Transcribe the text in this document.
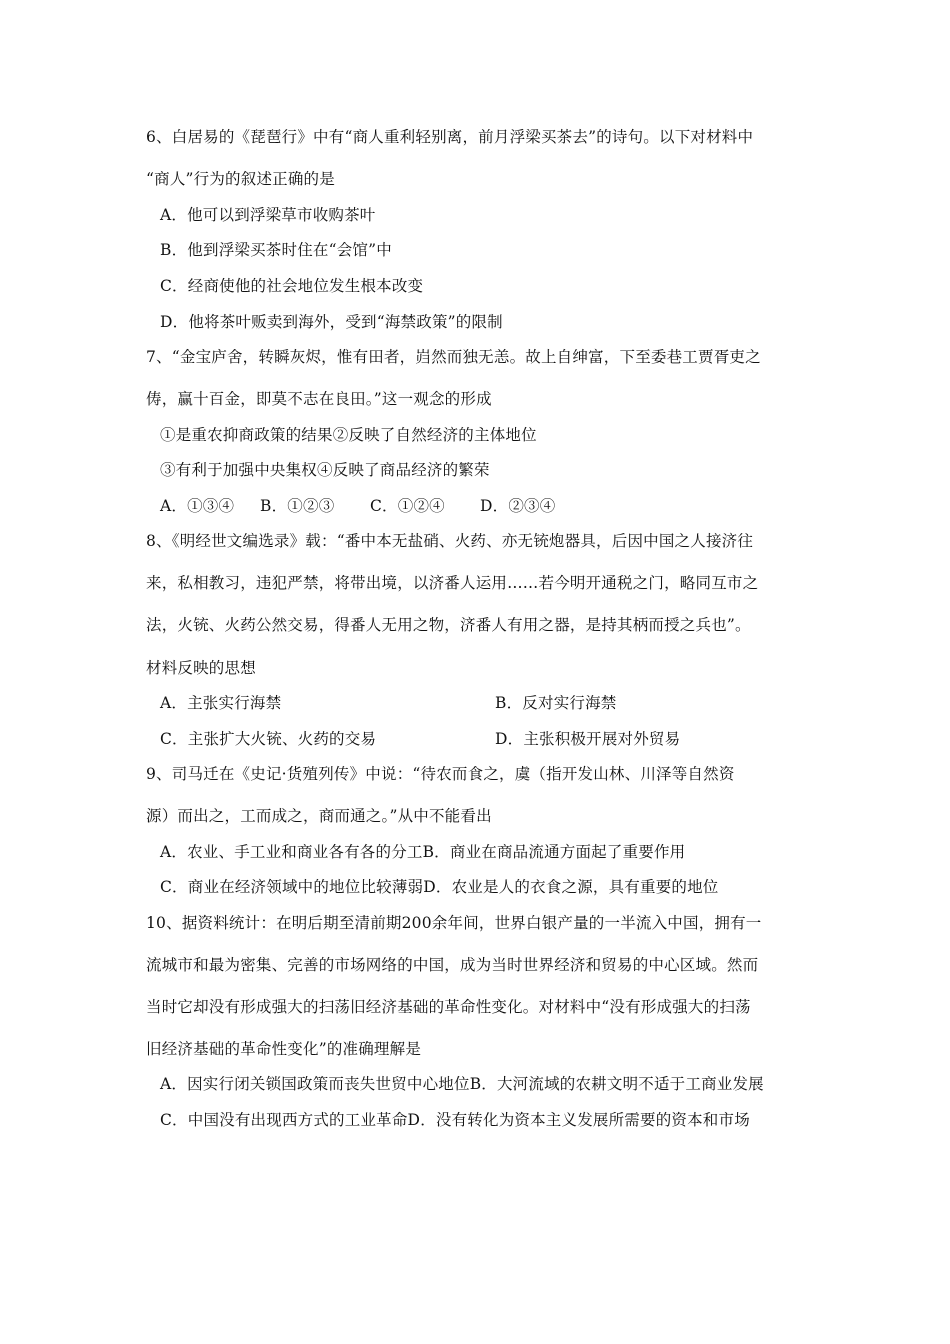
6、白居易的《琵琶行》中有“商人重利轻别离，前月浮梁买茶去”的诗句。以下对材料中
“商人”行为的叙述正确的是
A．他可以到浮梁草市收购茶叶
B．他到浮梁买茶时住在“会馆”中
C．经商使他的社会地位发生根本改变
D．他将茶叶贩卖到海外，受到“海禁政策”的限制
7、“金宝庐舍，转瞬灰烬，惟有田者，岿然而独无恙。故上自绅富，下至委巷工贾胥吏之
俦，赢十百金，即莫不志在良田。”这一观念的形成
①是重农抑商政策的结果②反映了自然经济的主体地位
③有利于加强中央集权④反映了商品经济的繁荣
A．①③④ B．①②③ C．①②④ D．②③④
8、《明经世文编选录》载：“番中本无盐硝、火药、亦无铳炮器具，后因中国之人接济往
来，私相教习，违犯严禁，将带出境，以济番人运用……若今明开通税之门，略同互市之
法，火铳、火药公然交易，得番人无用之物，济番人有用之器，是持其柄而授之兵也”。
材料反映的思想
A．主张实行海禁	B．反对实行海禁
C．主张扩大火铳、火药的交易	D．主张积极开展对外贸易
9、司马迁在《史记·货殖列传》中说：“待农而食之，虞（指开发山林、川泽等自然资
源）而出之，工而成之，商而通之。”从中不能看出
A．农业、手工业和商业各有各的分工B．商业在商品流通方面起了重要作用
C．商业在经济领域中的地位比较薄弱D．农业是人的衣食之源，具有重要的地位
10、据资料统计：在明后期至清前期200余年间，世界白银产量的一半流入中国，拥有一
流城市和最为密集、完善的市场网络的中国，成为当时世界经济和贸易的中心区域。然而
当时它却没有形成强大的扫荡旧经济基础的革命性变化。对材料中“没有形成强大的扫荡
旧经济基础的革命性变化”的准确理解是
A．因实行闭关锁国政策而丧失世贸中心地位B．大河流域的农耕文明不适于工商业发展
C．中国没有出现西方式的工业革命D．没有转化为资本主义发展所需要的资本和市场
